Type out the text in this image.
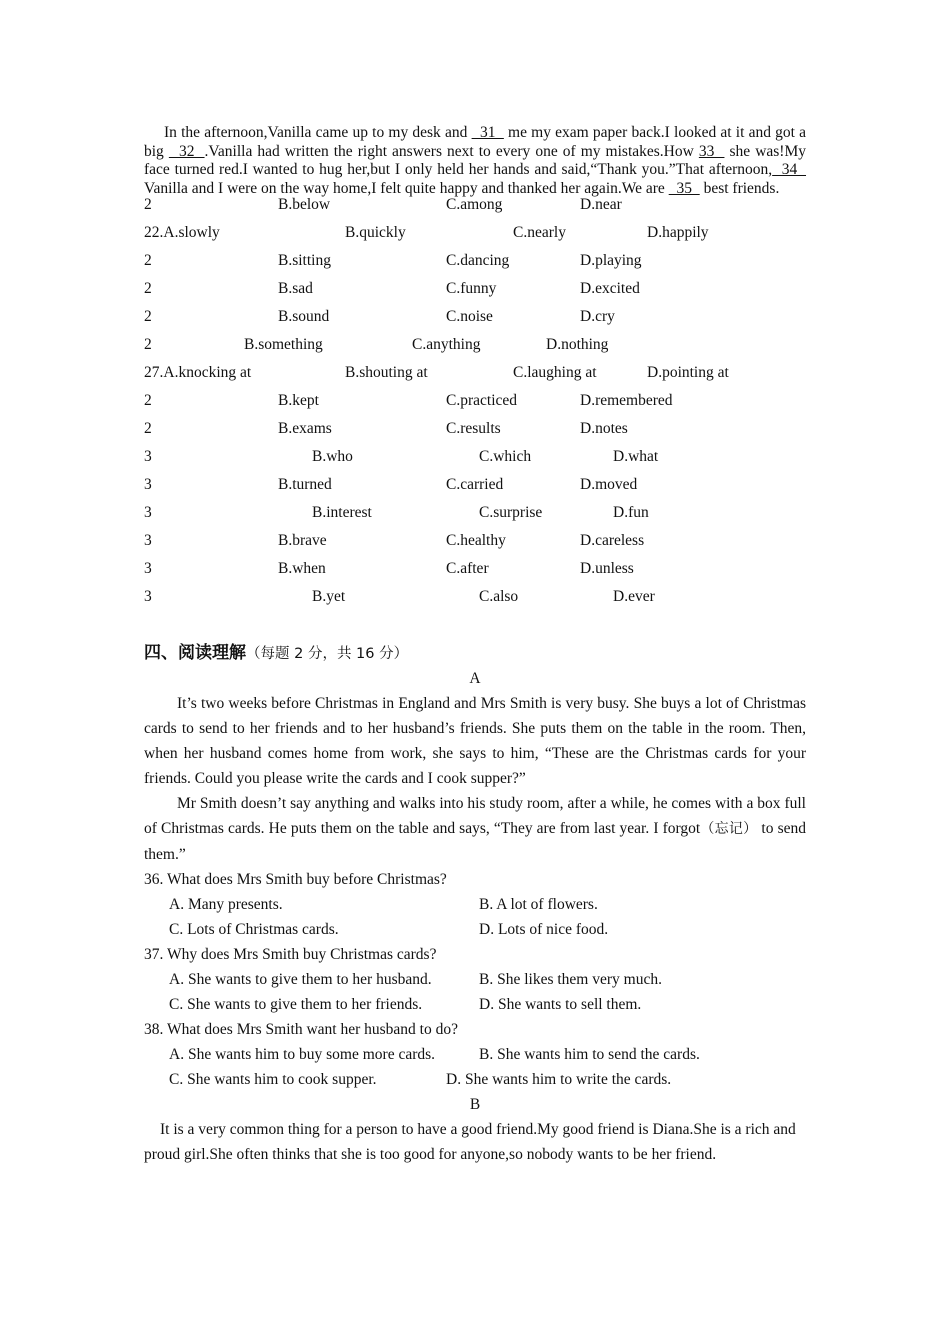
In the afternoon,Vanilla came up to my desk and   31   me my exam paper back.I looked at it and got a big   32  .Vanilla had written the right answers next to every one of my mistakes.How 33   she was!My face turned red.I wanted to hug her,but I only held her hands and said,“Thank you.”That afternoon,  34   Vanilla and I were on the way home,I felt quite happy and thanked her again.We are   35   best friends.

2	B.below	C.among	D.near
22.A.slowly	B.quickly	C.nearly	D.happily
2	B.sitting	C.dancing	D.playing
2	B.sad	C.funny	D.excited
2	B.sound	C.noise	D.cry
2	B.something	C.anything	D.nothing
27.A.knocking at	B.shouting at	C.laughing at	D.pointing at
2	B.kept	C.practiced	D.remembered
2	B.exams	C.results	D.notes
3	B.who	C.which	D.what
3	B.turned	C.carried	D.moved
3	B.interest	C.surprise	D.fun
3	B.brave	C.healthy	D.careless
3	B.when	C.after	D.unless
3	B.yet	C.also	D.ever
四、阅读理解（每题 2 分，共 16 分）
A

It’s two weeks before Christmas in England and Mrs Smith is very busy. She buys a lot of Christmas cards to send to her friends and to her husband’s friends. She puts them on the table in the room. Then, when her husband comes home from work, she says to him, “These are the Christmas cards for your friends. Could you please write the cards and I cook supper?”

Mr Smith doesn’t say anything and walks into his study room, after a while, he comes with a box full of Christmas cards. He puts them on the table and says, “They are from last year. I forgot（忘记） to send them.”

36. What does Mrs Smith buy before Christmas?
A. Many presents.	B. A lot of flowers.
C. Lots of Christmas cards.	D. Lots of nice food.
37. Why does Mrs Smith buy Christmas cards?
A. She wants to give them to her husband.	B. She likes them very much.
C. She wants to give them to her friends.	D. She wants to sell them.
38. What does Mrs Smith want her husband to do?
A. She wants him to buy some more cards.	B. She wants him to send the cards.
C. She wants him to cook supper.	D. She wants him to write the cards.
B

It is a very common thing for a person to have a good friend.My good friend is Diana.She is a rich and proud girl.She often thinks that she is too good for anyone,so nobody wants to be her friend.
